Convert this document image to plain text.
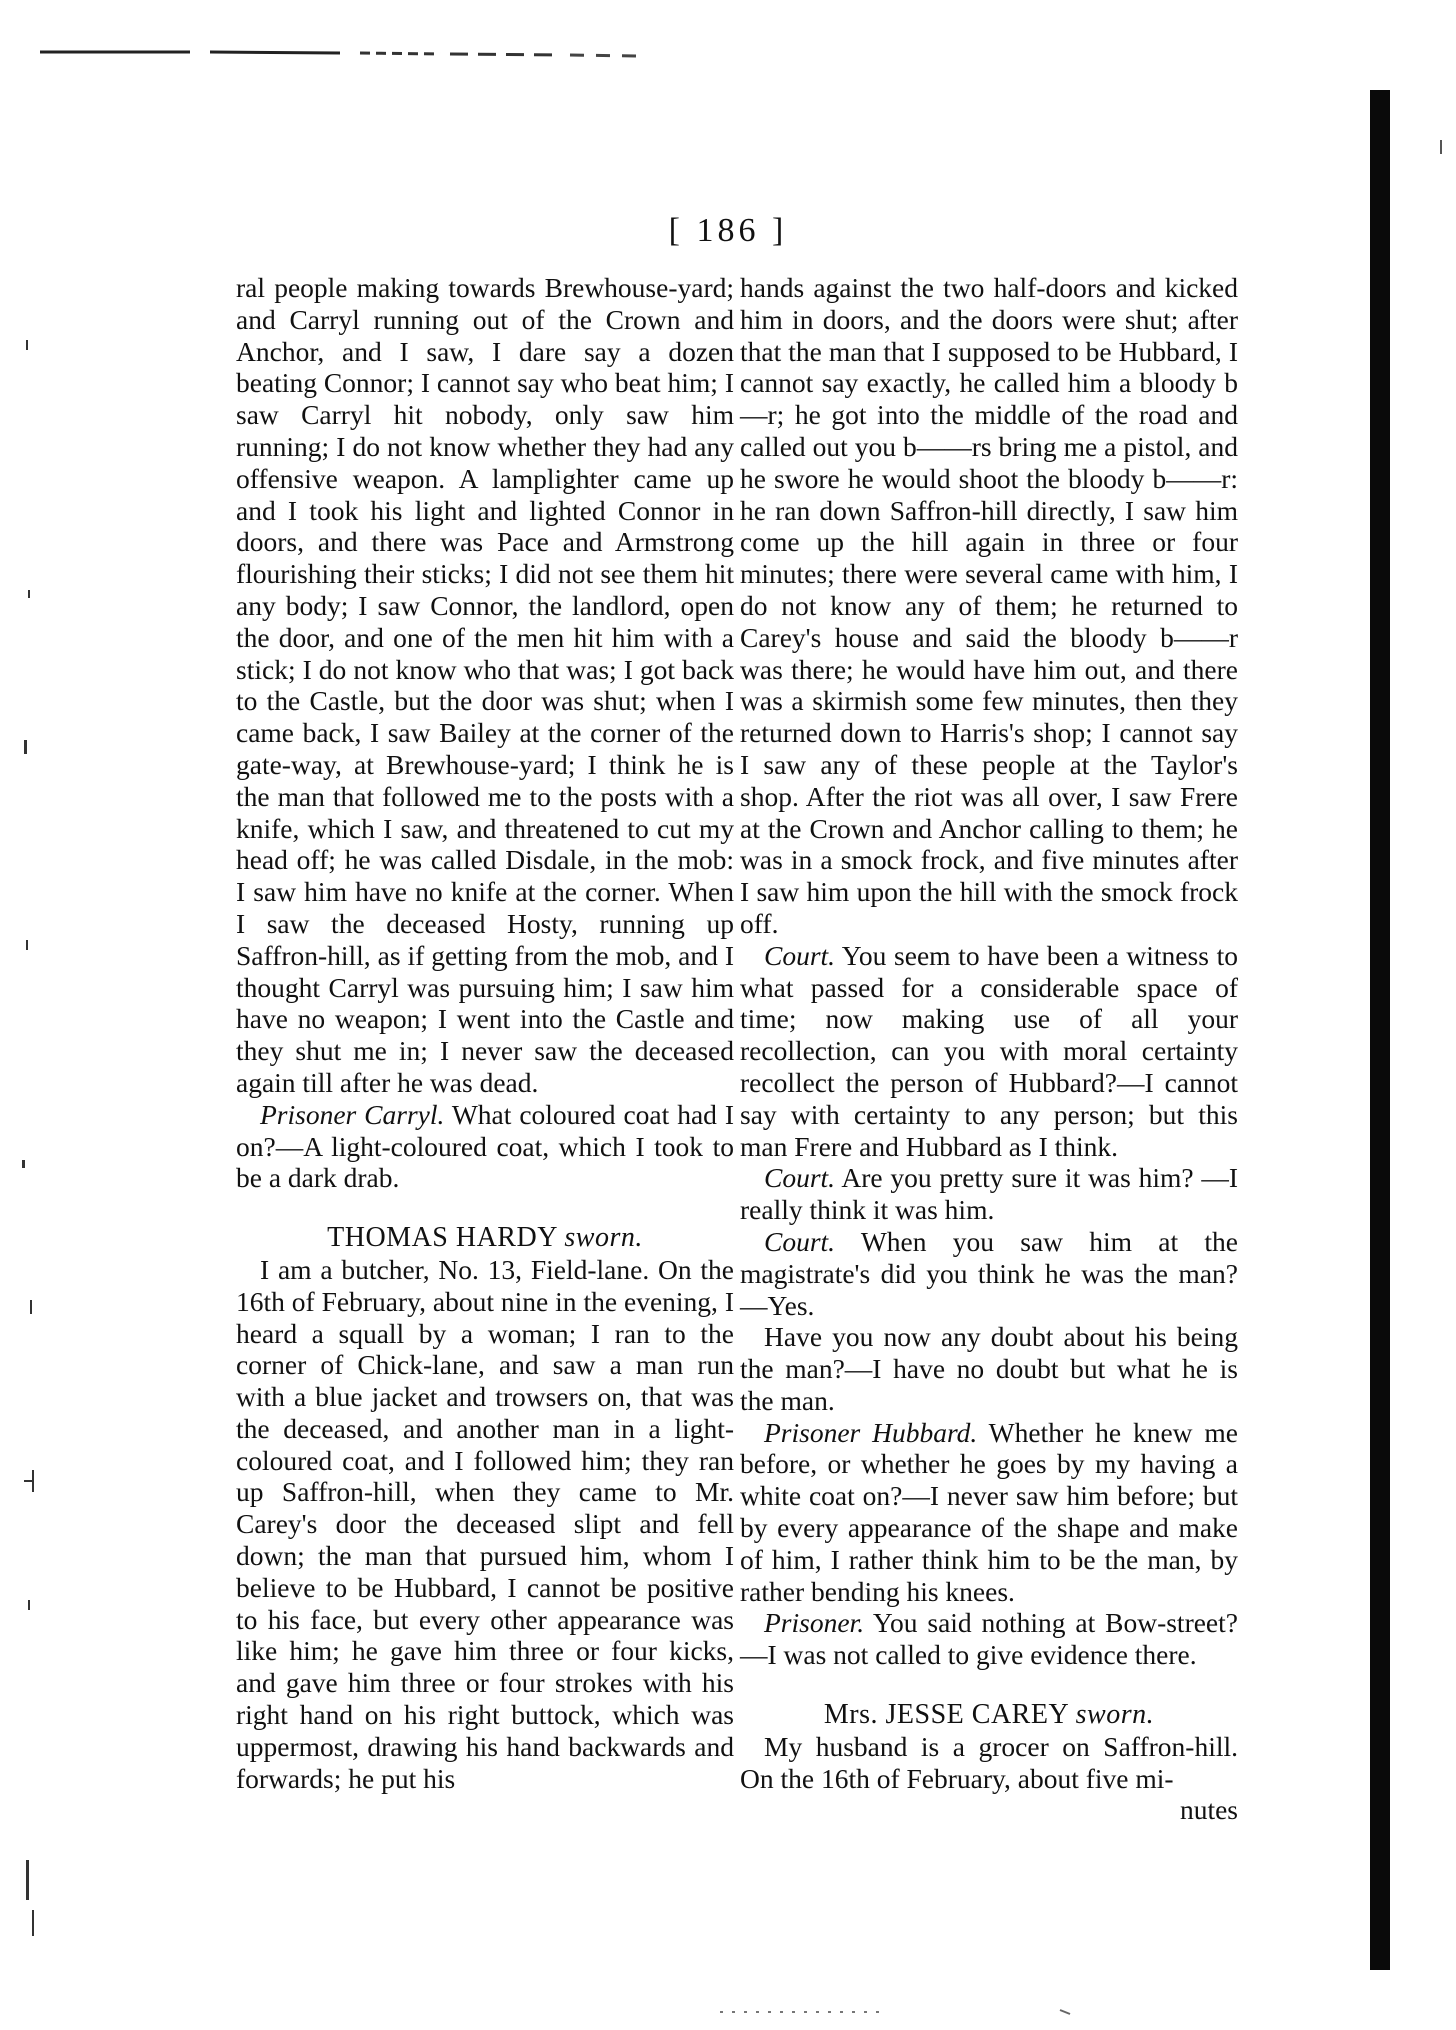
[ 186 ]

ral people making towards Brewhouse-yard; and Carryl running out of the Crown and Anchor, and I saw, I dare say a dozen beating Connor; I cannot say who beat him; I saw Carryl hit nobody, only saw him running; I do not know whether they had any offensive weapon. A lamplighter came up and I took his light and lighted Connor in doors, and there was Pace and Armstrong flourishing their sticks; I did not see them hit any body; I saw Connor, the landlord, open the door, and one of the men hit him with a stick; I do not know who that was; I got back to the Castle, but the door was shut; when I came back, I saw Bailey at the corner of the gate-way, at Brewhouse-yard; I think he is the man that followed me to the posts with a knife, which I saw, and threatened to cut my head off; he was called Disdale, in the mob: I saw him have no knife at the corner. When I saw the deceased Hosty, running up Saffron-hill, as if getting from the mob, and I thought Carryl was pursuing him; I saw him have no weapon; I went into the Castle and they shut me in; I never saw the deceased again till after he was dead.

Prisoner Carryl. What coloured coat had I on?—A light-coloured coat, which I took to be a dark drab.

THOMAS HARDY sworn.

I am a butcher, No. 13, Field-lane. On the 16th of February, about nine in the evening, I heard a squall by a woman; I ran to the corner of Chick-lane, and saw a man run with a blue jacket and trowsers on, that was the deceased, and another man in a light-coloured coat, and I followed him; they ran up Saffron-hill, when they came to Mr. Carey's door the deceased slipt and fell down; the man that pursued him, whom I believe to be Hubbard, I cannot be positive to his face, but every other appearance was like him; he gave him three or four kicks, and gave him three or four strokes with his right hand on his right buttock, which was uppermost, drawing his hand backwards and forwards; he put his

hands against the two half-doors and kicked him in doors, and the doors were shut; after that the man that I supposed to be Hubbard, I cannot say exactly, he called him a bloody b—r; he got into the middle of the road and called out you b——rs bring me a pistol, and he swore he would shoot the bloody b——r: he ran down Saffron-hill directly, I saw him come up the hill again in three or four minutes; there were several came with him, I do not know any of them; he returned to Carey's house and said the bloody b——r was there; he would have him out, and there was a skirmish some few minutes, then they returned down to Harris's shop; I cannot say I saw any of these people at the Taylor's shop. After the riot was all over, I saw Frere at the Crown and Anchor calling to them; he was in a smock frock, and five minutes after I saw him upon the hill with the smock frock off.

Court. You seem to have been a witness to what passed for a considerable space of time; now making use of all your recollection, can you with moral certainty recollect the person of Hubbard?—I cannot say with certainty to any person; but this man Frere and Hubbard as I think.

Court. Are you pretty sure it was him? —I really think it was him.

Court. When you saw him at the magistrate's did you think he was the man?—Yes.

Have you now any doubt about his being the man?—I have no doubt but what he is the man.

Prisoner Hubbard. Whether he knew me before, or whether he goes by my having a white coat on?—I never saw him before; but by every appearance of the shape and make of him, I rather think him to be the man, by rather bending his knees.

Prisoner. You said nothing at Bow-street?—I was not called to give evidence there.

Mrs. JESSE CAREY sworn.

My husband is a grocer on Saffron-hill. On the 16th of February, about five mi-

nutes
